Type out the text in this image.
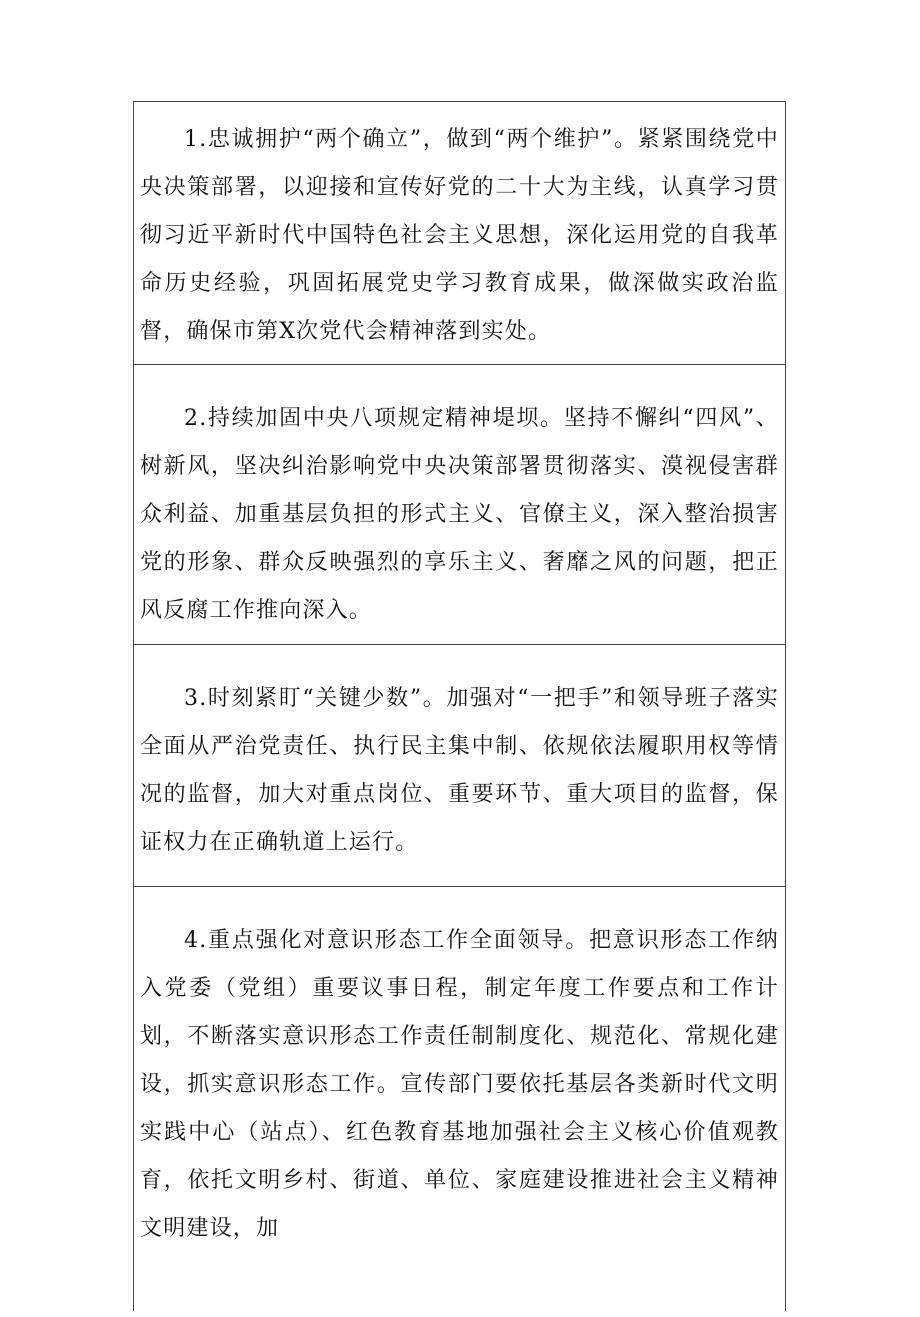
1.忠诚拥护“两个确立”，做到“两个维护”。紧紧围绕党中央决策部署，以迎接和宣传好党的二十大为主线，认真学习贯彻习近平新时代中国特色社会主义思想，深化运用党的自我革命历史经验，巩固拓展党史学习教育成果，做深做实政治监督，确保市第X次党代会精神落到实处。

2.持续加固中央八项规定精神堤坝。坚持不懈纠“四风”、树新风，坚决纠治影响党中央决策部署贯彻落实、漠视侵害群众利益、加重基层负担的形式主义、官僚主义，深入整治损害党的形象、群众反映强烈的享乐主义、奢靡之风的问题，把正风反腐工作推向深入。

3.时刻紧盯“关键少数”。加强对“一把手”和领导班子落实全面从严治党责任、执行民主集中制、依规依法履职用权等情况的监督，加大对重点岗位、重要环节、重大项目的监督，保证权力在正确轨道上运行。

4.重点强化对意识形态工作全面领导。把意识形态工作纳入党委（党组）重要议事日程，制定年度工作要点和工作计划，不断落实意识形态工作责任制制度化、规范化、常规化建设，抓实意识形态工作。宣传部门要依托基层各类新时代文明实践中心（站点）、红色教育基地加强社会主义核心价值观教育，依托文明乡村、街道、单位、家庭建设推进社会主义精神文明建设，加
